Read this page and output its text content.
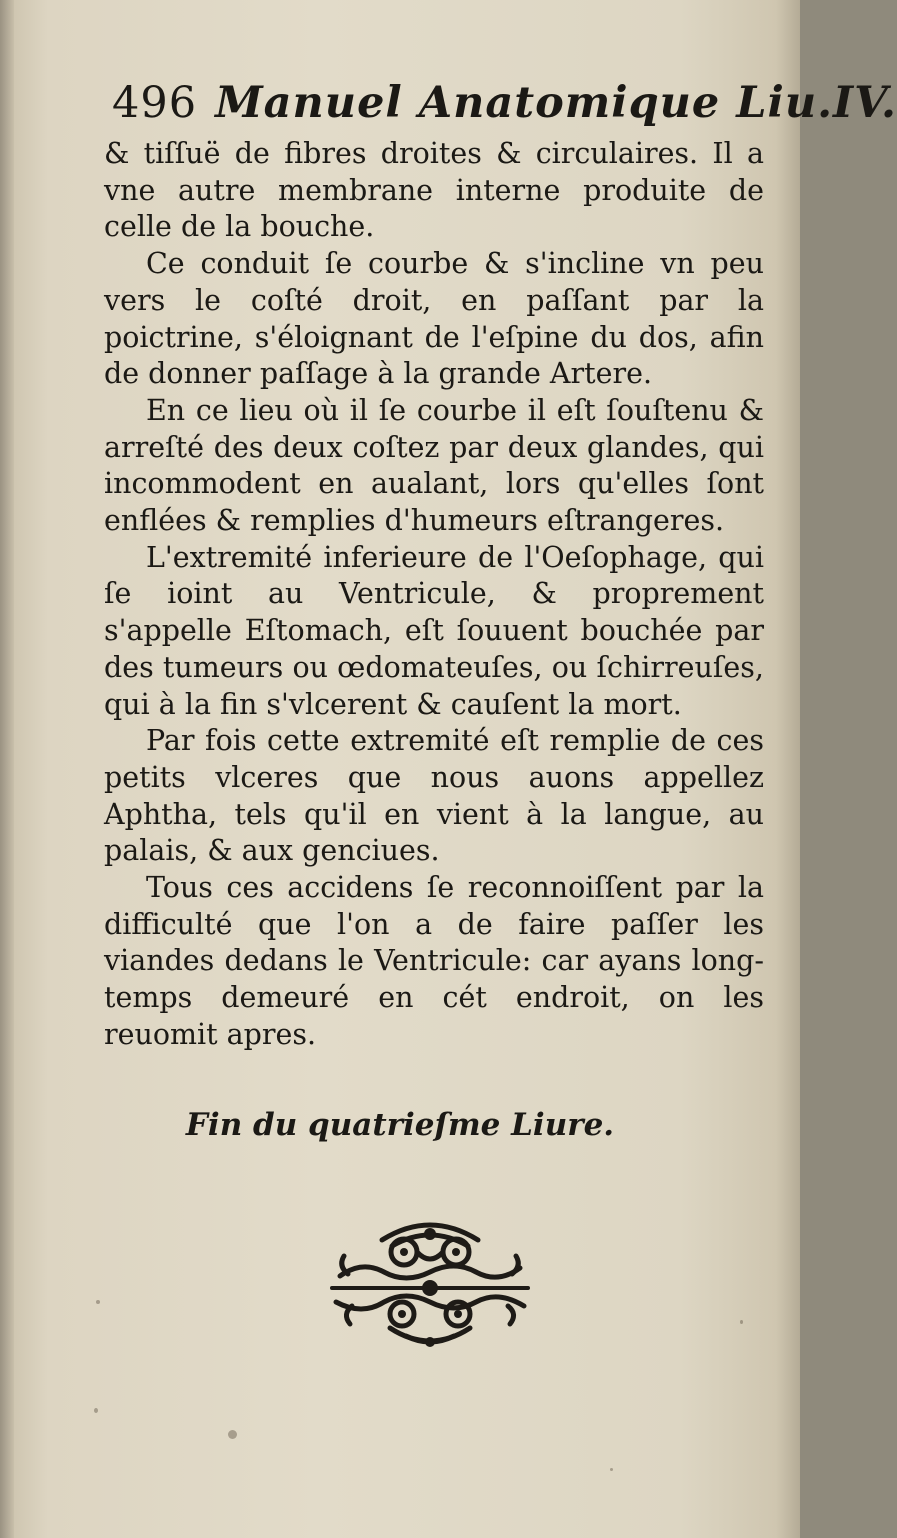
496 Manuel Anatomique Liu.IV.

& tiſſuë de fibres droites & circulaires. Il a vne autre membrane interne produite de celle de la bouche.

Ce conduit ſe courbe & s'incline vn peu vers le coſté droit, en paſſant par la poictrine, s'éloignant de l'eſpine du dos, afin de donner paſſage à la grande Artere.

En ce lieu où il ſe courbe il eſt ſouſtenu & arreſté des deux coſtez par deux glandes, qui incommodent en aualant, lors qu'elles ſont enflées & remplies d'humeurs eſtrangeres.

L'extremité inferieure de l'Oeſophage, qui ſe ioint au Ventricule, & proprement s'appelle Eſtomach, eſt ſouuent bouchée par des tumeurs ou œdomateuſes, ou ſchirreuſes, qui à la fin s'vlcerent & cauſent la mort.

Par fois cette extremité eſt remplie de ces petits vlceres que nous auons appellez Aphtha, tels qu'il en vient à la langue, au palais, & aux genciues.

Tous ces accidens ſe reconnoiſſent par la difficulté que l'on a de faire paſſer les viandes dedans le Ventricule: car ayans long-temps demeuré en cét endroit, on les reuomit apres.

Fin du quatrieſme Liure.
